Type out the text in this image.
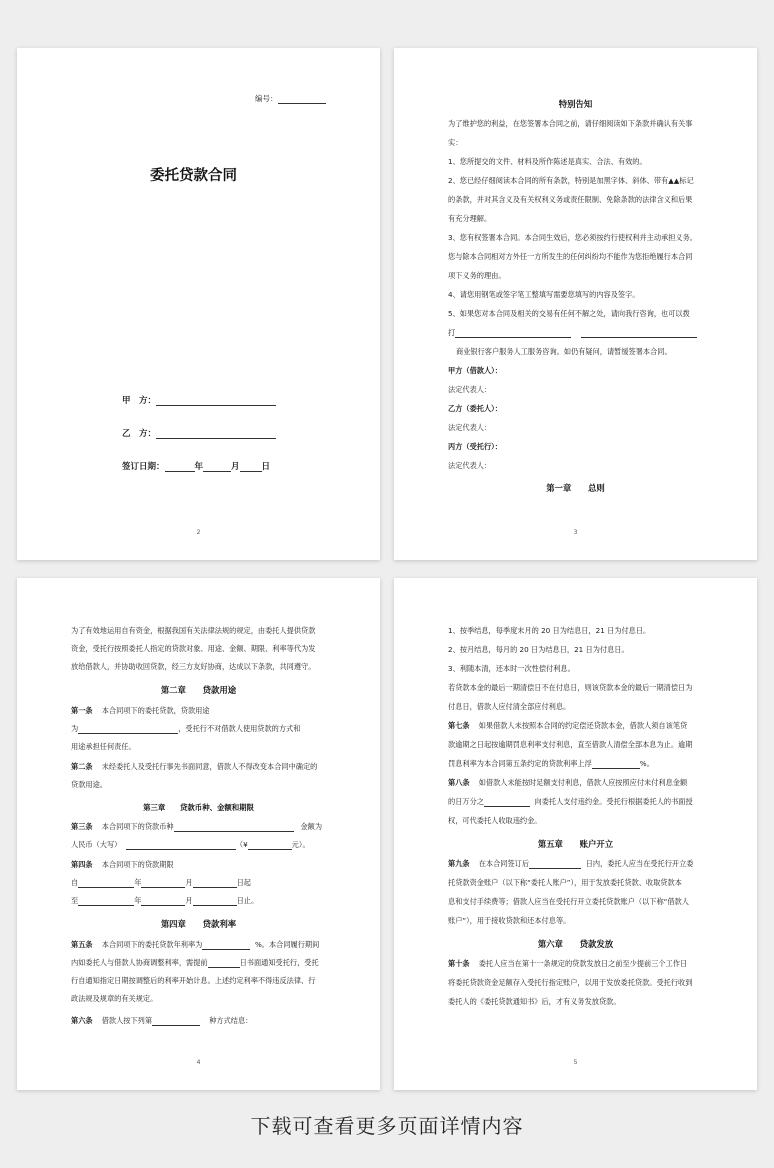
编号：
委托贷款合同
甲　方：
乙　方：
签订日期：	年	月	日
2
特别告知
为了维护您的利益，在您签署本合同之前，请仔细阅读如下条款并确认有关事
实：
1、您所提交的文件、材料及所作陈述是真实、合法、有效的。
2、您已经仔细阅读本合同的所有条款，特别是加黑字体、斜体、带有▲▲标记
的条款，并对其含义及有关权利义务或责任限制、免除条款的法律含义和后果
有充分理解。
3、您有权签署本合同。本合同生效后，您必须按约行使权利并主动承担义务。
您与除本合同相对方外任一方所发生的任何纠纷均不能作为您拒绝履行本合同
项下义务的理由。
4、请您用钢笔或签字笔工整填写需要您填写的内容及签字。
5、如果您对本合同及相关的交易有任何不解之处，请向我行咨询，也可以拨
打
商业银行客户服务人工服务咨询。如仍有疑问，请暂缓签署本合同。
甲方（借款人）：
法定代表人：
乙方（委托人）：
法定代表人：
丙方（受托行）：
法定代表人：
第一章　　总则
3
为了有效地运用自有资金，根据我国有关法律法规的规定，由委托人提供贷款
资金，受托行按照委托人指定的贷款对象、用途、金额、期限、利率等代为发
放给借款人，并协助收回贷款，经三方友好协商，达成以下条款，共同遵守。
第二章　　贷款用途
第一条 本合同项下的委托贷款，贷款用途
为	，受托行不对借款人使用贷款的方式和
用途承担任何责任。
第二条 未经委托人及受托行事先书面同意，借款人不得改变本合同中确定的
贷款用途。
第三章　　贷款币种、金额和期限
第三条 本合同项下的贷款币种	金额为
人民币（大写）	（¥	元）。
第四条 本合同项下的贷款期限
自	年	月	日起
至	年	月	日止。
第四章　　贷款利率
第五条 本合同项下的委托贷款年利率为	%。本合同履行期间
内如委托人与借款人协商调整利率，需提前	日书面通知受托行，受托
行自通知指定日期按调整后的利率开始计息。上述约定利率不得违反法律、行
政法规及规章的有关规定。
第六条 借款人按下列第	种方式结息：
4
1、按季结息，每季度末月的 20 日为结息日，21 日为付息日。
2、按月结息，每月的 20 日为结息日，21 日为付息日。
3、利随本清，还本时一次性偿付利息。
若贷款本金的最后一期清偿日不在付息日，则该贷款本金的最后一期清偿日为
付息日，借款人应付清全部应付利息。
第七条 如果借款人未按照本合同的约定偿还贷款本金，借款人须自该笔贷
款逾期之日起按逾期罚息利率支付利息，直至借款人清偿全部本息为止。逾期
罚息利率为本合同第五条约定的贷款利率上浮	%。
第八条 如借款人未能按时足额支付利息，借款人应按照应付未付利息金额
的日万分之	向委托人支付违约金。受托行根据委托人的书面授
权，可代委托人收取违约金。
第五章　　账户开立
第九条 在本合同签订后	日内，委托人应当在受托行开立委
托贷款资金账户（以下称“委托人账户”），用于发放委托贷款、收取贷款本
息和支付手续费等；借款人应当在受托行开立委托贷款账户（以下称“借款人
账户”），用于接收贷款和还本付息等。
第六章　　贷款发放
第十条 委托人应当在第十一条规定的贷款发放日之前至少提前三个工作日
将委托贷款资金足额存入受托行指定账户，以用于发放委托贷款。受托行收到
委托人的《委托贷款通知书》后，才有义务发放贷款。
5
下载可查看更多页面详情内容
